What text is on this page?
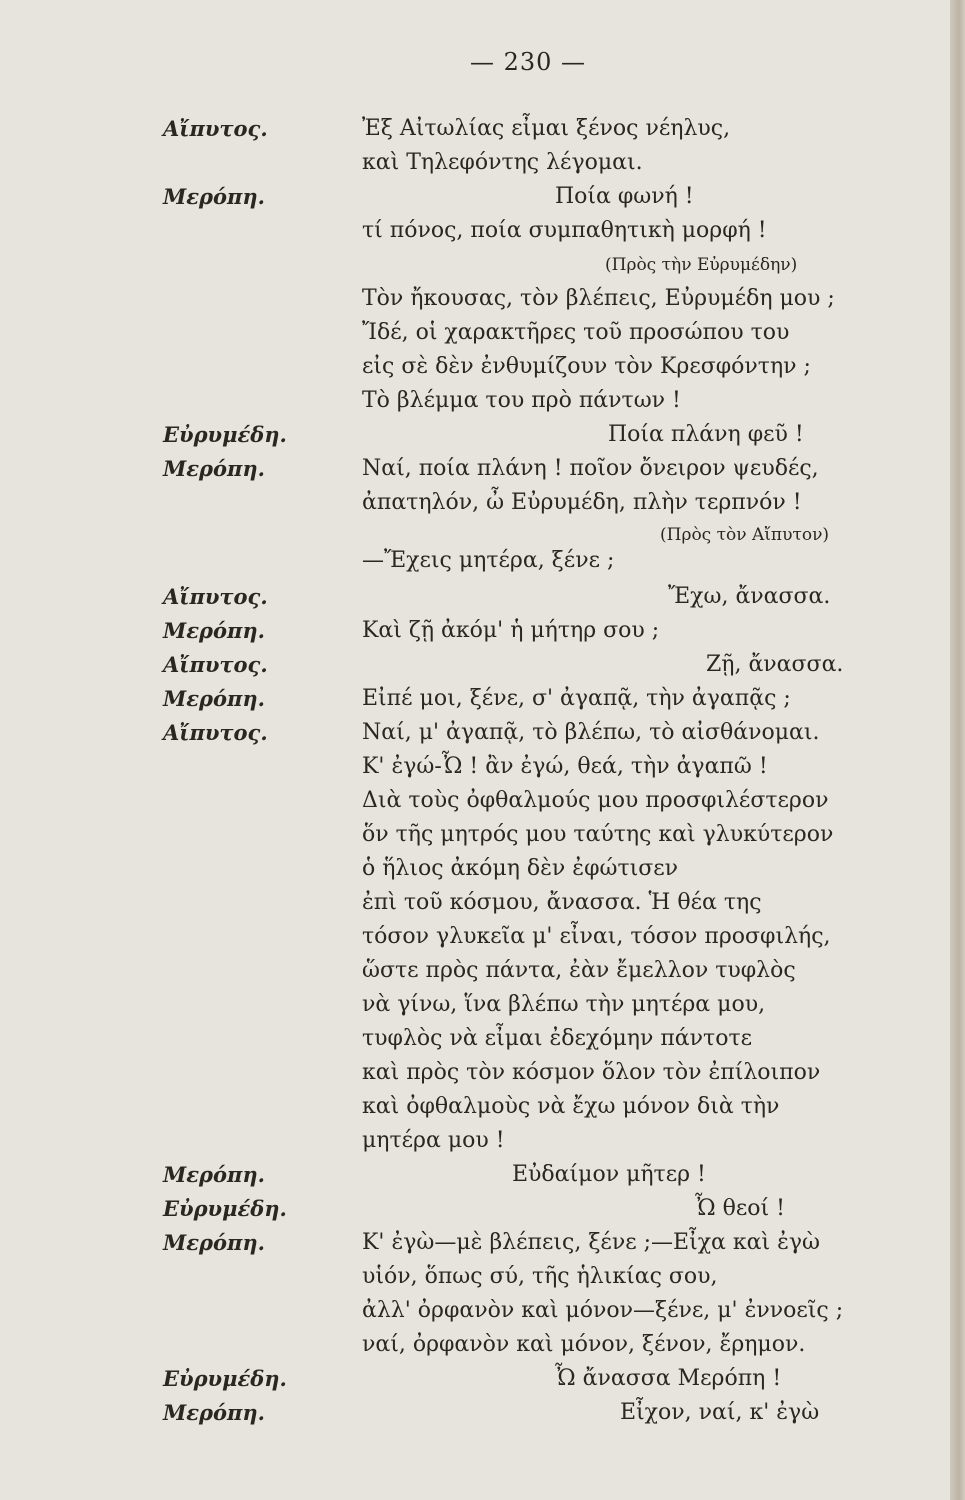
— 230 —
Αἴπυτος.	Ἐξ Αἰτωλίας εἶμαι ξένος νέηλυς,
καὶ Τηλεφόντης λέγομαι.
Μερόπη.	Ποία φωνή !
τί πόνος, ποία συμπαθητικὴ μορφή !
(Πρὸς τὴν Εὐρυμέδην)
Τὸν ἤκουσας, τὸν βλέπεις, Εὐρυμέδη μου ;
Ἴδέ, οἱ χαρακτῆρες τοῦ προσώπου του
εἰς σὲ δὲν ἐνθυμίζουν τὸν Κρεσφόντην ;
Τὸ βλέμμα του πρὸ πάντων !
Εὐρυμέδη.	Ποία πλάνη φεῦ !
Μερόπη.	Ναί, ποία πλάνη ! ποῖον ὄνειρον ψευδές,
ἀπατηλόν, ὦ Εὐρυμέδη, πλὴν τερπνόν !
(Πρὸς τὸν Αἴπυτον)
—Ἔχεις μητέρα, ξένε ;
Αἴπυτος.	Ἔχω, ἄνασσα.
Μερόπη.	Καὶ ζῇ ἀκόμ' ἡ μήτηρ σου ;
Αἴπυτος.	Ζῇ, ἄνασσα.
Μερόπη.	Εἰπέ μοι, ξένε, σ' ἀγαπᾷ, τὴν ἀγαπᾷς ;
Αἴπυτος.	Ναί, μ' ἀγαπᾷ, τὸ βλέπω, τὸ αἰσθάνομαι.
Κ' ἐγώ-Ὦ ! ἂν ἐγώ, θεά, τὴν ἀγαπῶ !
Διὰ τοὺς ὀφθαλμούς μου προσφιλέστερον
ὅν τῆς μητρός μου ταύτης καὶ γλυκύτερον
ὁ ἥλιος ἀκόμη δὲν ἐφώτισεν
ἐπὶ τοῦ κόσμου, ἄνασσα. Ἡ θέα της
τόσον γλυκεῖα μ' εἶναι, τόσον προσφιλής,
ὥστε πρὸς πάντα, ἐὰν ἔμελλον τυφλὸς
νὰ γίνω, ἵνα βλέπω τὴν μητέρα μου,
τυφλὸς νὰ εἶμαι ἐδεχόμην πάντοτε
καὶ πρὸς τὸν κόσμον ὅλον τὸν ἐπίλοιπον
καὶ ὀφθαλμοὺς νὰ ἔχω μόνον διὰ τὴν
μητέρα μου !
Μερόπη.	Εὐδαίμον μῆτερ !
Εὐρυμέδη.	Ὦ θεοί !
Μερόπη.	Κ' ἐγὼ—μὲ βλέπεις, ξένε ;—Εἶχα καὶ ἐγὼ
υἱόν, ὅπως σύ, τῆς ἡλικίας σου,
ἀλλ' ὀρφανὸν καὶ μόνον—ξένε, μ' ἐννοεῖς ;
ναί, ὀρφανὸν καὶ μόνον, ξένον, ἔρημον.
Εὐρυμέδη.	Ὦ ἄνασσα Μερόπη !
Μερόπη.	Εἶχον, ναί, κ' ἐγὼ
